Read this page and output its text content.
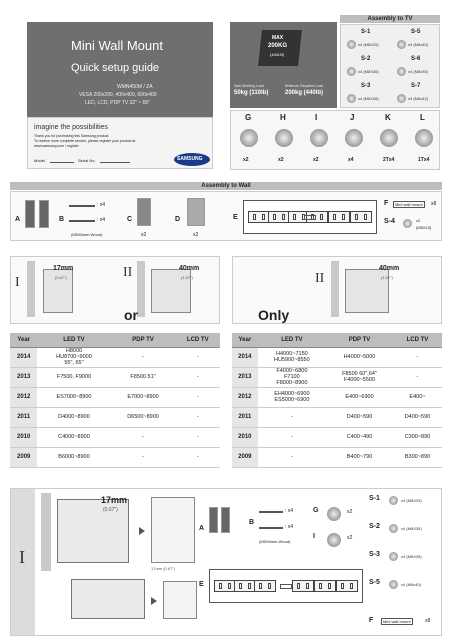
Mini Wall Mount
Quick setup guide
WMN450M / ZA
VESA 200x200, 400x400, 600x400
LED, LCD, PDP TV 32" ~ 65"
imagine the possibilities
Thank you for purchasing this Samsung product.
To receive more complete service, please register your product at
www.samsung.com / register
Model	Serial No.	SAMSUNG
MAX
200KG
(440LB)
Safe Working Load
50kg (110lb)
Minimum Required Load
200kg (440lb)
Assembly to TV
S-1
x4 (M8X25)
S-5
x4 (M6x40)
S-2
x4 (M8X35)
S-6
x4 (M8x30)
S-3
x4 (M6X28)
S-7
x4 (M6x42)
G
x2
H
x2
I
x2
J
x4
K
2Tx4
L
1Tx4
Assembly to Wall
A	B
: x4
: x4
(M5X6mm-Wood)
C
x2
D
x2
E
F	Mini wall mount	x8
S-4	x2
(M5X15)
I
17mm
(0.67")	II	40mm
(1.57")
or
II
40mm
(1.57")
Only
Year	LED TV	PDP TV	LCD TV
2014	H8000
HU8700~9000
55", 65"	-	-
2013	F7500, F9000	F8500 51"	-
2012	ES7000~8900	E7000~8900	-
2011	D4000~8900	D6500~8900	-
2010	C4000~8900	-	-
2009	B6000~8900	-	-
Year	LED TV	PDP TV	LCD TV
2014	H4000~7150
HU5900~8550	H4000~5000	-
2013	F4000~6800
F7100
F8000~8900	F8500 60",64"
F4000~5500	-
2012	EH4000~6900
ES5000~6900	E400~6900	E400~
2011	-	D400~590	D400~590
2010	-	C400~490	C300~890
2009	-	B400~790	B300~890
I
17mm
(0.67")
17mm (0.67")
A
B
: x4
: x4
(M5X6mm-Wood)
G	x2
I	x2
E
S-1	x4 (M8X25)
S-2	x4 (M8X35)
S-3	x4 (M6X28)
S-5	x4 (M6x40)
F	Mini wall mount	x8
